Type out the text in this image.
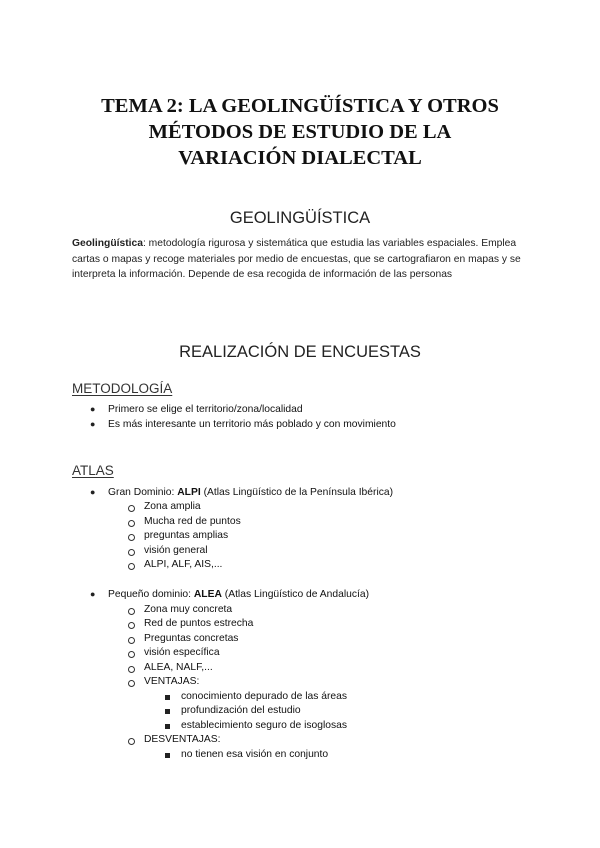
TEMA 2: LA GEOLINGÜÍSTICA Y OTROS
MÉTODOS DE ESTUDIO DE LA
VARIACIÓN DIALECTAL
GEOLINGÜÍSTICA
Geolingüística: metodología rigurosa y sistemática que estudia las variables espaciales. Emplea cartas o mapas y recoge materiales por medio de encuestas, que se cartografiaron en mapas y se interpreta la información. Depende de esa recogida de información de las personas
REALIZACIÓN DE ENCUESTAS
METODOLOGÍA
● Primero se elige el territorio/zona/localidad
● Es más interesante un territorio más poblado y con movimiento
ATLAS
● Gran Dominio: ALPI (Atlas Lingüístico de la Península Ibérica)
Zona amplia
Mucha red de puntos
preguntas amplias
visión general
ALPI, ALF, AIS,...
● Pequeño dominio: ALEA (Atlas Lingüístico de Andalucía)
Zona muy concreta
Red de puntos estrecha
Preguntas concretas
visión específica
ALEA, NALF,...
VENTAJAS:
conocimiento depurado de las áreas
profundización del estudio
establecimiento seguro de isoglosas
DESVENTAJAS:
no tienen esa visión en conjunto
